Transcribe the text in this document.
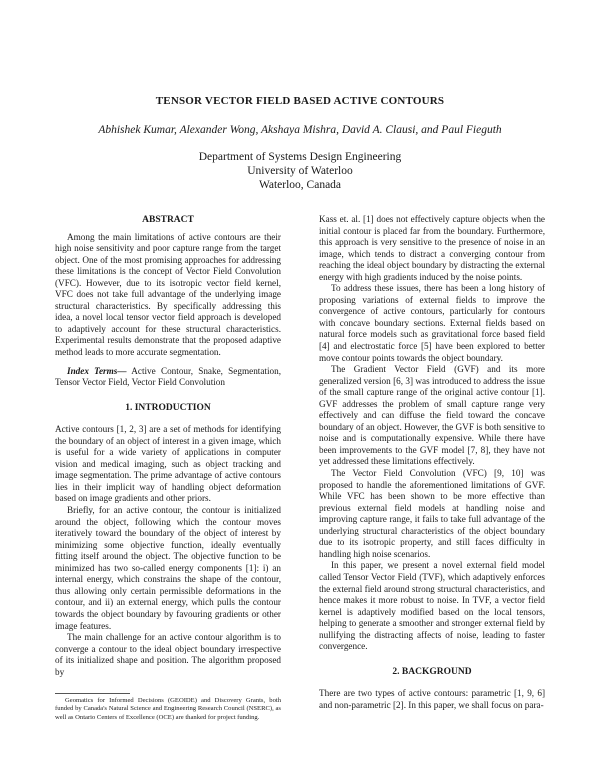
TENSOR VECTOR FIELD BASED ACTIVE CONTOURS
Abhishek Kumar, Alexander Wong, Akshaya Mishra, David A. Clausi, and Paul Fieguth
Department of Systems Design Engineering
University of Waterloo
Waterloo, Canada
ABSTRACT

Among the main limitations of active contours are their high noise sensitivity and poor capture range from the target object. One of the most promising approaches for addressing these limitations is the concept of Vector Field Convolution (VFC). However, due to its isotropic vector field kernel, VFC does not take full advantage of the underlying image structural characteristics. By specifically addressing this idea, a novel local tensor vector field approach is developed to adaptively account for these structural characteristics. Experimental results demonstrate that the proposed adaptive method leads to more accurate segmentation.

Index Terms— Active Contour, Snake, Segmentation, Tensor Vector Field, Vector Field Convolution

1. INTRODUCTION

Active contours [1, 2, 3] are a set of methods for identifying the boundary of an object of interest in a given image, which is useful for a wide variety of applications in computer vision and medical imaging, such as object tracking and image segmentation. The prime advantage of active contours lies in their implicit way of handling object deformation based on image gradients and other priors.

Briefly, for an active contour, the contour is initialized around the object, following which the contour moves iteratively toward the boundary of the object of interest by minimizing some objective function, ideally eventually fitting itself around the object. The objective function to be minimized has two so-called energy components [1]: i) an internal energy, which constrains the shape of the contour, thus allowing only certain permissible deformations in the contour, and ii) an external energy, which pulls the contour towards the object boundary by favouring gradients or other image features.

The main challenge for an active contour algorithm is to converge a contour to the ideal object boundary irrespective of its initialized shape and position. The algorithm proposed by

Geomatics for Informed Decisions (GEOIDE) and Discovery Grants, both funded by Canada's Natural Science and Engineering Research Council (NSERC), as well as Ontario Centers of Excellence (OCE) are thanked for project funding.

Kass et. al. [1] does not effectively capture objects when the initial contour is placed far from the boundary. Furthermore, this approach is very sensitive to the presence of noise in an image, which tends to distract a converging contour from reaching the ideal object boundary by distracting the external energy with high gradients induced by the noise points.

To address these issues, there has been a long history of proposing variations of external fields to improve the convergence of active contours, particularly for contours with concave boundary sections. External fields based on natural force models such as gravitational force based field [4] and electrostatic force [5] have been explored to better move contour points towards the object boundary.

The Gradient Vector Field (GVF) and its more generalized version [6, 3] was introduced to address the issue of the small capture range of the original active contour [1]. GVF addresses the problem of small capture range very effectively and can diffuse the field toward the concave boundary of an object. However, the GVF is both sensitive to noise and is computationally expensive. While there have been improvements to the GVF model [7, 8], they have not yet addressed these limitations effectively.

The Vector Field Convolution (VFC) [9, 10] was proposed to handle the aforementioned limitations of GVF. While VFC has been shown to be more effective than previous external field models at handling noise and improving capture range, it fails to take full advantage of the underlying structural characteristics of the object boundary due to its isotropic property, and still faces difficulty in handling high noise scenarios.

In this paper, we present a novel external field model called Tensor Vector Field (TVF), which adaptively enforces the external field around strong structural characteristics, and hence makes it more robust to noise. In TVF, a vector field kernel is adaptively modified based on the local tensors, helping to generate a smoother and stronger external field by nullifying the distracting affects of noise, leading to faster convergence.

2. BACKGROUND

There are two types of active contours: parametric [1, 9, 6] and non-parametric [2]. In this paper, we shall focus on para-
